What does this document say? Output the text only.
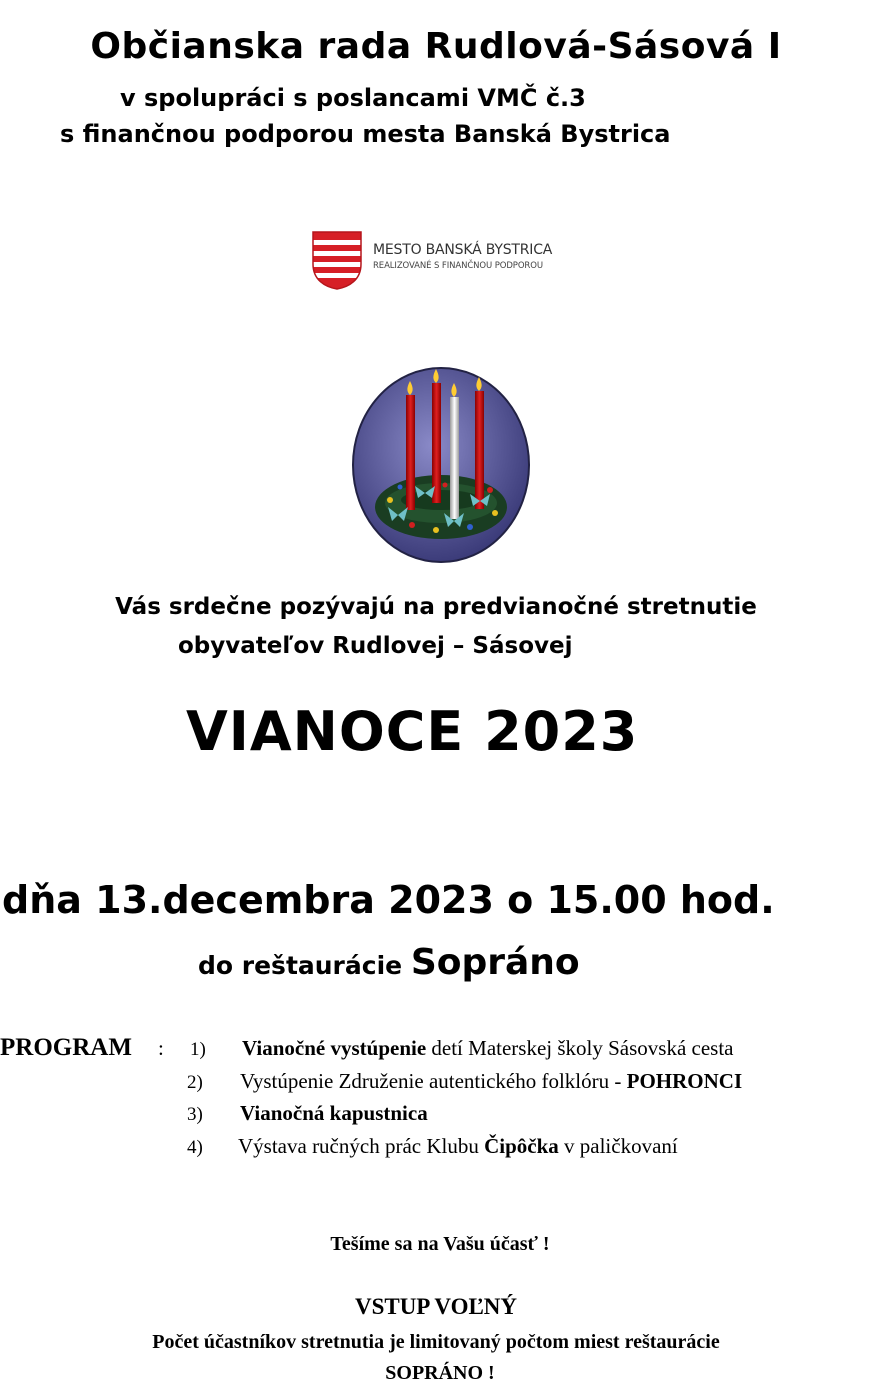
Občianska rada Rudlová-Sásová I
v spolupráci s poslancami VMČ č.3
s finančnou podporou mesta Banská Bystrica
MESTO BANSKÁ BYSTRICA
REALIZOVANÉ S FINANČNOU PODPOROU
Vás srdečne pozývajú na predvianočné stretnutie
obyvateľov Rudlovej – Sásovej
VIANOCE 2023
dňa 13.decembra 2023 o 15.00 hod.
do reštaurácie Sopráno
PROGRAM : 1) Vianočné vystúpenie detí Materskej školy Sásovská cesta
2) Vystúpenie Združenie autentického folklóru - POHRONCI
3) Vianočná kapustnica
4) Výstava ručných prác Klubu Čipôčka v paličkovaní
Tešíme sa na Vašu účasť !
VSTUP VOĽNÝ
Počet účastníkov stretnutia je limitovaný počtom miest reštaurácie
SOPRÁNO !
